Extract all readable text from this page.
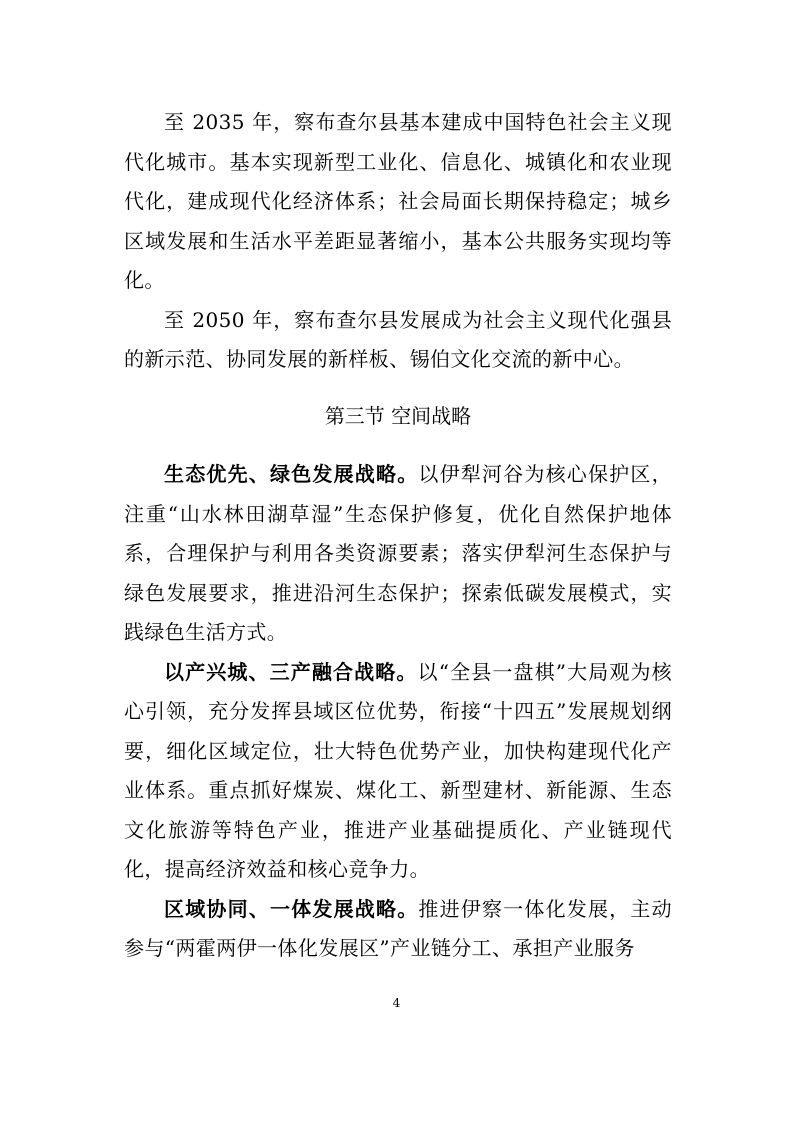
至 2035 年，察布查尔县基本建成中国特色社会主义现代化城市。基本实现新型工业化、信息化、城镇化和农业现代化，建成现代化经济体系；社会局面长期保持稳定；城乡区域发展和生活水平差距显著缩小，基本公共服务实现均等化。

至 2050 年，察布查尔县发展成为社会主义现代化强县的新示范、协同发展的新样板、锡伯文化交流的新中心。

第三节 空间战略

生态优先、绿色发展战略。以伊犁河谷为核心保护区，注重“山水林田湖草湿”生态保护修复，优化自然保护地体系，合理保护与利用各类资源要素；落实伊犁河生态保护与绿色发展要求，推进沿河生态保护；探索低碳发展模式，实践绿色生活方式。

以产兴城、三产融合战略。以“全县一盘棋”大局观为核心引领，充分发挥县域区位优势，衔接“十四五”发展规划纲要，细化区域定位，壮大特色优势产业，加快构建现代化产业体系。重点抓好煤炭、煤化工、新型建材、新能源、生态文化旅游等特色产业，推进产业基础提质化、产业链现代化，提高经济效益和核心竞争力。

区域协同、一体发展战略。推进伊察一体化发展，主动参与“两霍两伊一体化发展区”产业链分工、承担产业服务

4
